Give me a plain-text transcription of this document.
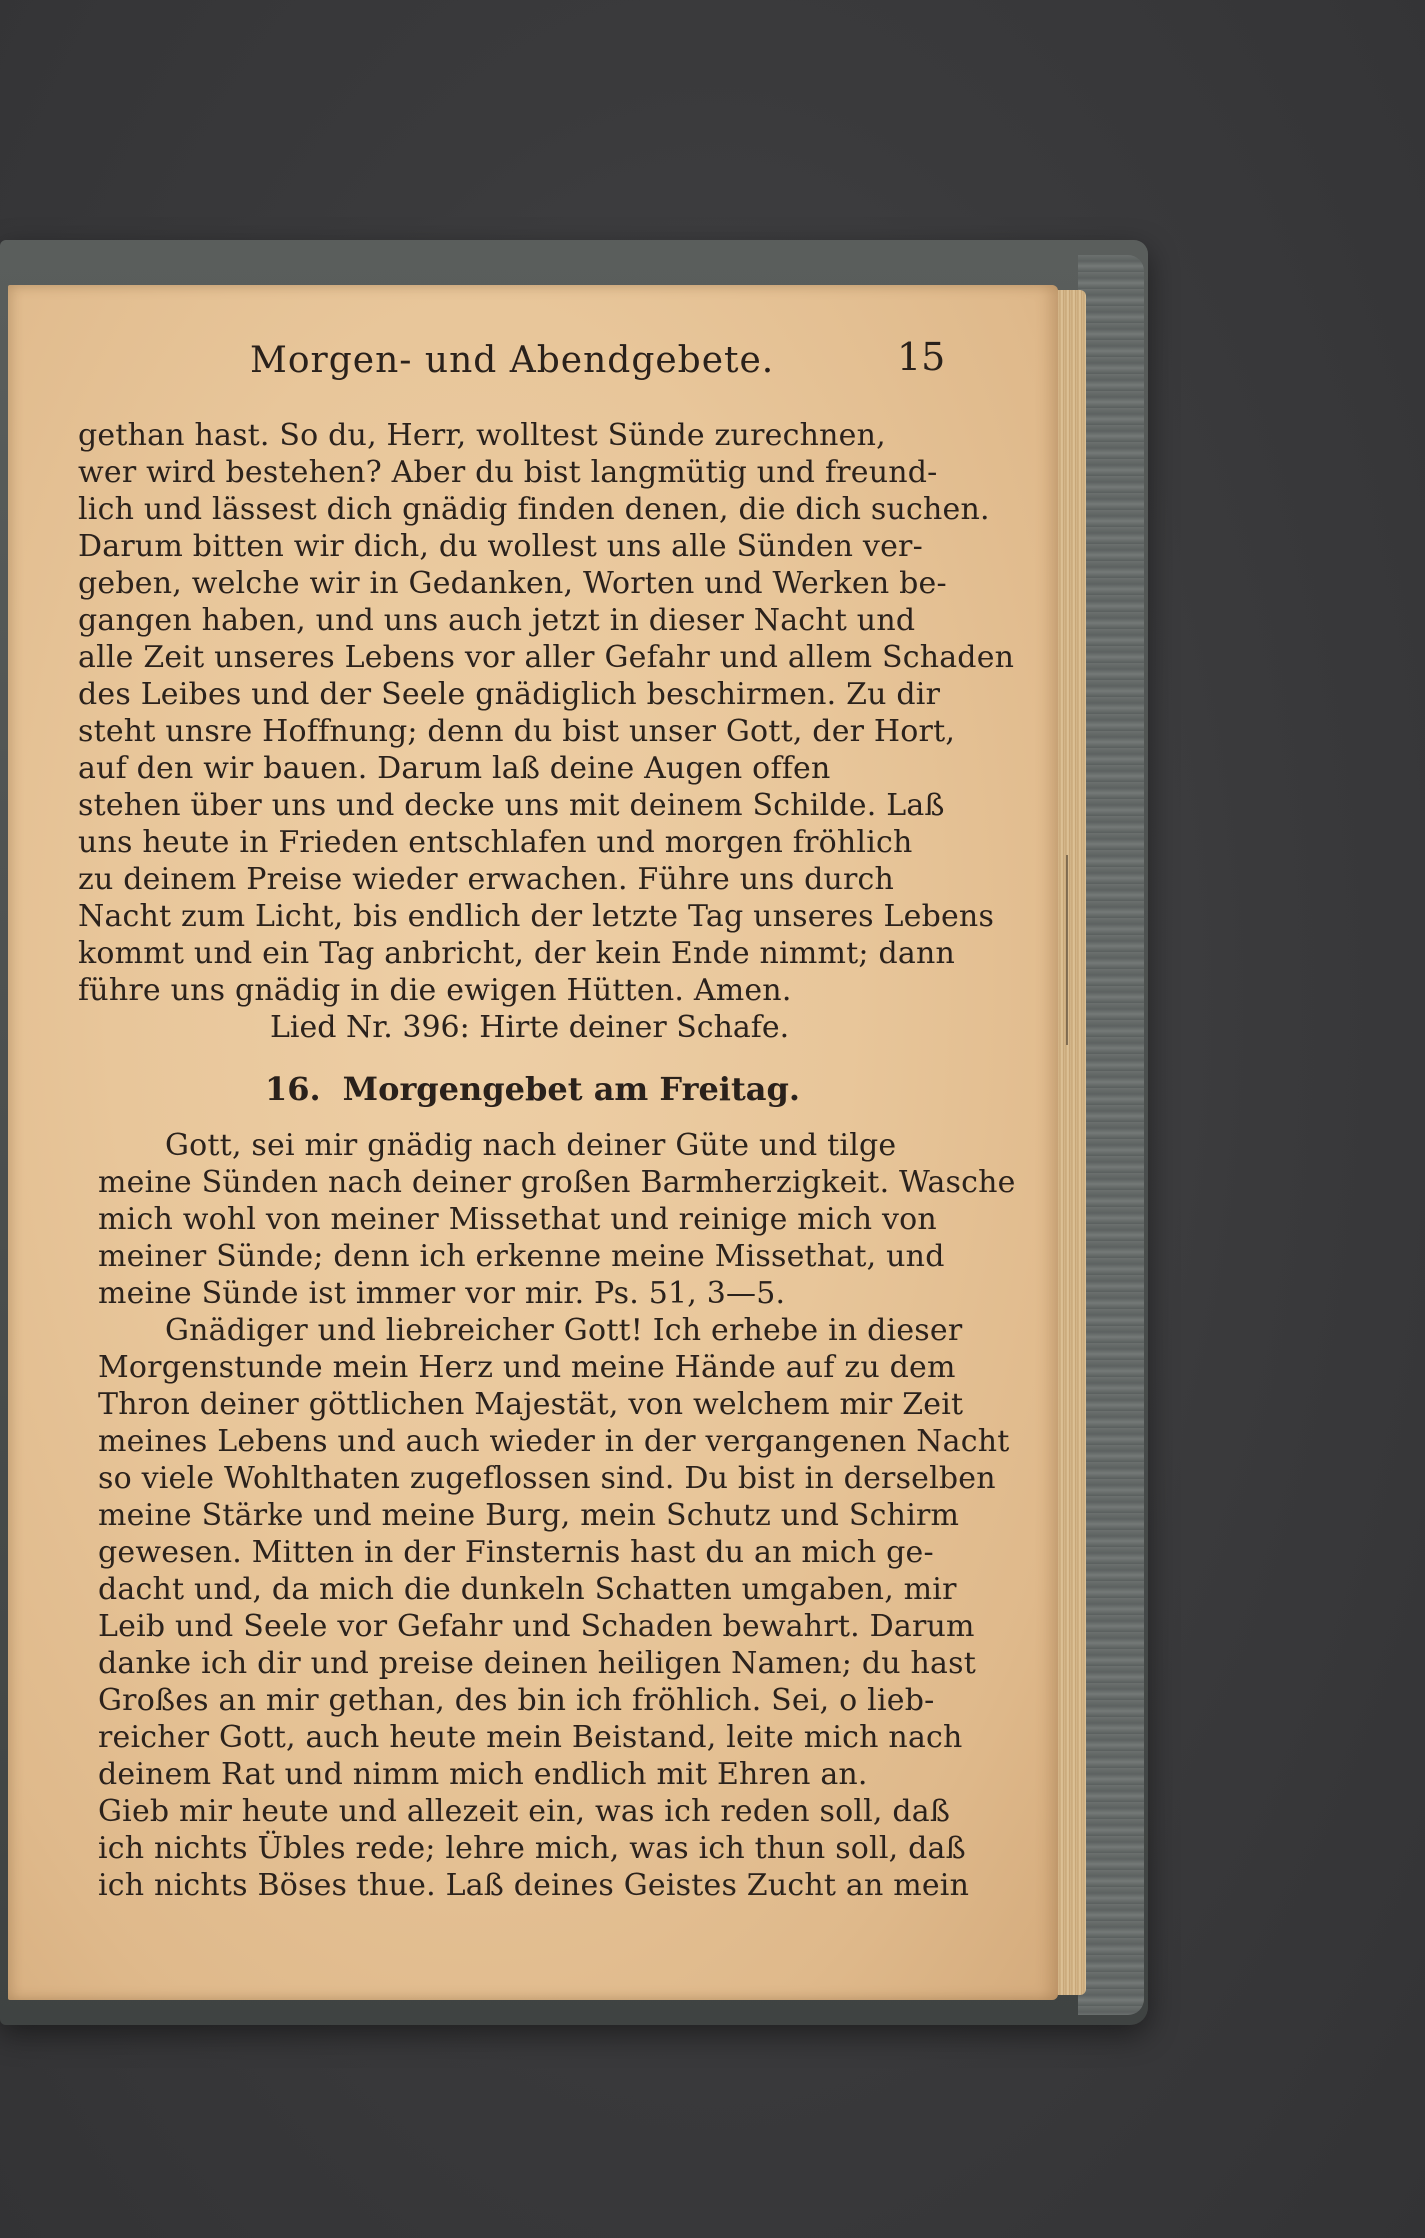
Morgen- und Abendgebete.	15
gethan hast. So du, Herr, wolltest Sünde zurechnen,
wer wird bestehen? Aber du bist langmütig und freund-
lich und lässest dich gnädig finden denen, die dich suchen.
Darum bitten wir dich, du wollest uns alle Sünden ver-
geben, welche wir in Gedanken, Worten und Werken be-
gangen haben, und uns auch jetzt in dieser Nacht und
alle Zeit unseres Lebens vor aller Gefahr und allem Schaden
des Leibes und der Seele gnädiglich beschirmen. Zu dir
steht unsre Hoffnung; denn du bist unser Gott, der Hort,
auf den wir bauen. Darum laß deine Augen offen
stehen über uns und decke uns mit deinem Schilde. Laß
uns heute in Frieden entschlafen und morgen fröhlich
zu deinem Preise wieder erwachen. Führe uns durch
Nacht zum Licht, bis endlich der letzte Tag unseres Lebens
kommt und ein Tag anbricht, der kein Ende nimmt; dann
führe uns gnädig in die ewigen Hütten. Amen.
Lied Nr. 396: Hirte deiner Schafe.
16. Morgengebet am Freitag.
Gott, sei mir gnädig nach deiner Güte und tilge
meine Sünden nach deiner großen Barmherzigkeit. Wasche
mich wohl von meiner Missethat und reinige mich von
meiner Sünde; denn ich erkenne meine Missethat, und
meine Sünde ist immer vor mir. Ps. 51, 3—5.
Gnädiger und liebreicher Gott! Ich erhebe in dieser
Morgenstunde mein Herz und meine Hände auf zu dem
Thron deiner göttlichen Majestät, von welchem mir Zeit
meines Lebens und auch wieder in der vergangenen Nacht
so viele Wohlthaten zugeflossen sind. Du bist in derselben
meine Stärke und meine Burg, mein Schutz und Schirm
gewesen. Mitten in der Finsternis hast du an mich ge-
dacht und, da mich die dunkeln Schatten umgaben, mir
Leib und Seele vor Gefahr und Schaden bewahrt. Darum
danke ich dir und preise deinen heiligen Namen; du hast
Großes an mir gethan, des bin ich fröhlich. Sei, o lieb-
reicher Gott, auch heute mein Beistand, leite mich nach
deinem Rat und nimm mich endlich mit Ehren an.
Gieb mir heute und allezeit ein, was ich reden soll, daß
ich nichts Übles rede; lehre mich, was ich thun soll, daß
ich nichts Böses thue. Laß deines Geistes Zucht an mein
